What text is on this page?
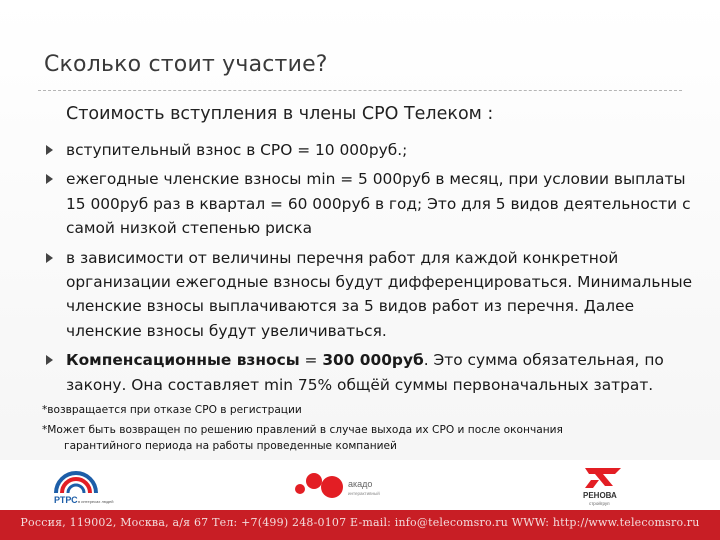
Сколько стоит участие?
Стоимость вступления в члены СРО Телеком :
вступительный взнос в СРО = 10 000руб.;
ежегодные членские взносы min = 5 000руб в месяц, при условии выплаты 15 000руб раз в квартал = 60 000руб в год; Это для 5 видов деятельности с самой низкой степенью риска
в зависимости от величины перечня работ для каждой конкретной организации ежегодные взносы будут дифференцироваться. Минимальные членские взносы выплачиваются за 5 видов работ из перечня. Далее членские взносы будут увеличиваться.
Компенсационные взносы = 300 000руб. Это сумма обязательная, по закону. Она составляет min 75% общёй суммы первоначальных затрат.
*возвращается при отказе СРО в регистрации
*Может быть возвращен по решению правлений в случае выхода их СРО и после окончания
гарантийного периода на работы проведенные компанией
РТРС в интересах людей
акадо
интерактивный	РЕНОВА
стройгруп
Россия, 119002, Москва, а/я 67 Тел: +7(499) 248-0107 E-mail: info@telecomsro.ru WWW: http://www.telecomsro.ru
